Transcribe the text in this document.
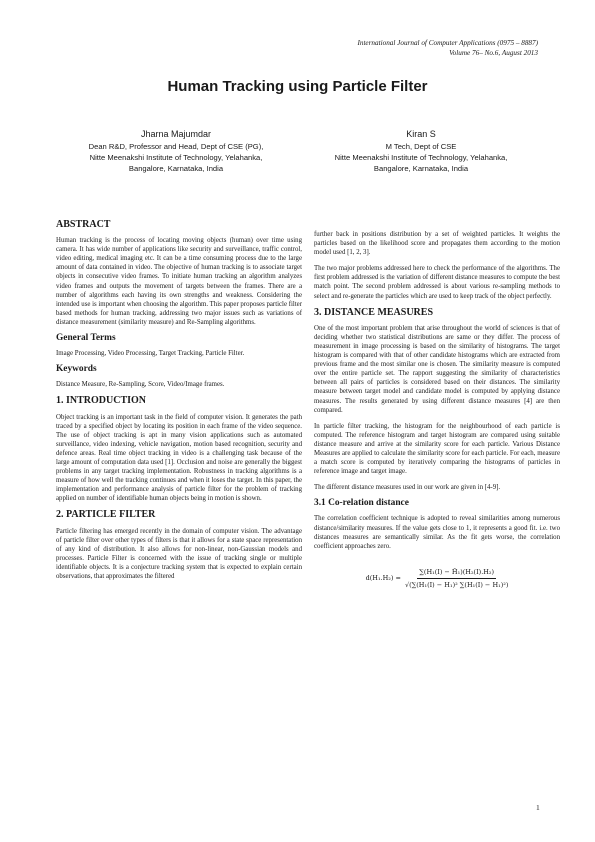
International Journal of Computer Applications (0975 – 8887)
Volume 76– No.6, August 2013
Human Tracking using Particle Filter
Jharna Majumdar
Dean R&D, Professor and Head, Dept of CSE (PG),
Nitte Meenakshi Institute of Technology, Yelahanka,
Bangalore, Karnataka, India
Kiran S
M Tech, Dept of CSE
Nitte Meenakshi Institute of Technology, Yelahanka,
Bangalore, Karnataka, India
ABSTRACT

Human tracking is the process of locating moving objects (human) over time using camera. It has wide number of applications like security and surveillance, traffic control, video editing, medical imaging etc. It can be a time consuming process due to the large amount of data contained in video. The objective of human tracking is to associate target objects in consecutive video frames. To initiate human tracking an algorithm analyzes video frames and outputs the movement of targets between the frames. There are a number of algorithms each having its own strengths and weakness. Considering the intended use is important when choosing the algorithm. This paper proposes particle filter based methods for human tracking, addressing two major issues such as variations of distance measurement (similarity measure) and Re-Sampling algorithms.

General Terms

Image Processing, Video Processing, Target Tracking, Particle Filter.

Keywords

Distance Measure, Re-Sampling, Score, Video/Image frames.

1. INTRODUCTION

Object tracking is an important task in the field of computer vision. It generates the path traced by a specified object by locating its position in each frame of the video sequence. The use of object tracking is apt in many vision applications such as automated surveillance, video indexing, vehicle navigation, motion based recognition, security and defence areas. Real time object tracking in video is a challenging task because of the large amount of computation data used [1]. Occlusion and noise are generally the biggest problems in any target tracking implementation. Robustness in tracking algorithms is a measure of how well the tracking continues and when it loses the target. In this paper, the implementation and performance analysis of particle filter for the problem of tracking applied on number of identifiable human objects being in motion is shown.

2. PARTICLE FILTER

Particle filtering has emerged recently in the domain of computer vision. The advantage of particle filter over other types of filters is that it allows for a state space representation of any kind of distribution. It also allows for non-linear, non-Gaussian models and processes. Particle Filter is concerned with the issue of tracking single or multiple identifiable objects. It is a conjecture tracking system that is expected to explain certain observations, that approximates the filtered

further back in positions distribution by a set of weighted particles. It weights the particles based on the likelihood score and propagates them according to the motion model used [1, 2, 3].

The two major problems addressed here to check the performance of the algorithms. The first problem addressed is the variation of different distance measures to compute the best match point. The second problem addressed is about various re-sampling methods to select and re-generate the particles which are used to keep track of the object perfectly.

3. DISTANCE MEASURES

One of the most important problem that arise throughout the world of sciences is that of deciding whether two statistical distributions are same or they differ. The process of measurement in image processing is based on the similarity of histograms. The target histogram is compared with that of other candidate histograms which are extracted from previous frame and the most similar one is chosen. The similarity measure is computed over the entire particle set. The rapport suggesting the similarity of characteristics between all pairs of particles is considered based on their distances. The similarity measure between target model and candidate model is computed by applying distance measures. The results generated by using different distance measures [4] are then compared.

In particle filter tracking, the histogram for the neighbourhood of each particle is computed. The reference histogram and target histogram are compared using suitable distance measure and arrive at the similarity score for each particle. Various Distance Measures are applied to calculate the similarity score for each particle. For each, measure a match score is computed by iteratively comparing the histograms of particles in reference image and target image.

The different distance measures used in our work are given in [4-9].

3.1 Co-relation distance

The correlation coefficient technique is adopted to reveal similarities among numerous distance/similarity measures. If the value gets close to 1, it represents a good fit. i.e. two distances measures are semantically similar. As the fit gets worse, the correlation coefficient approaches zero.

$d(H_1.H_2) = \frac{\text{∑(H₁(I) − H̄₁)(H₂(I).H₂)}}{\text{√(∑(H₁(I) − H₁)² ∑(H₁(I) − H₁)²)}}$
1
